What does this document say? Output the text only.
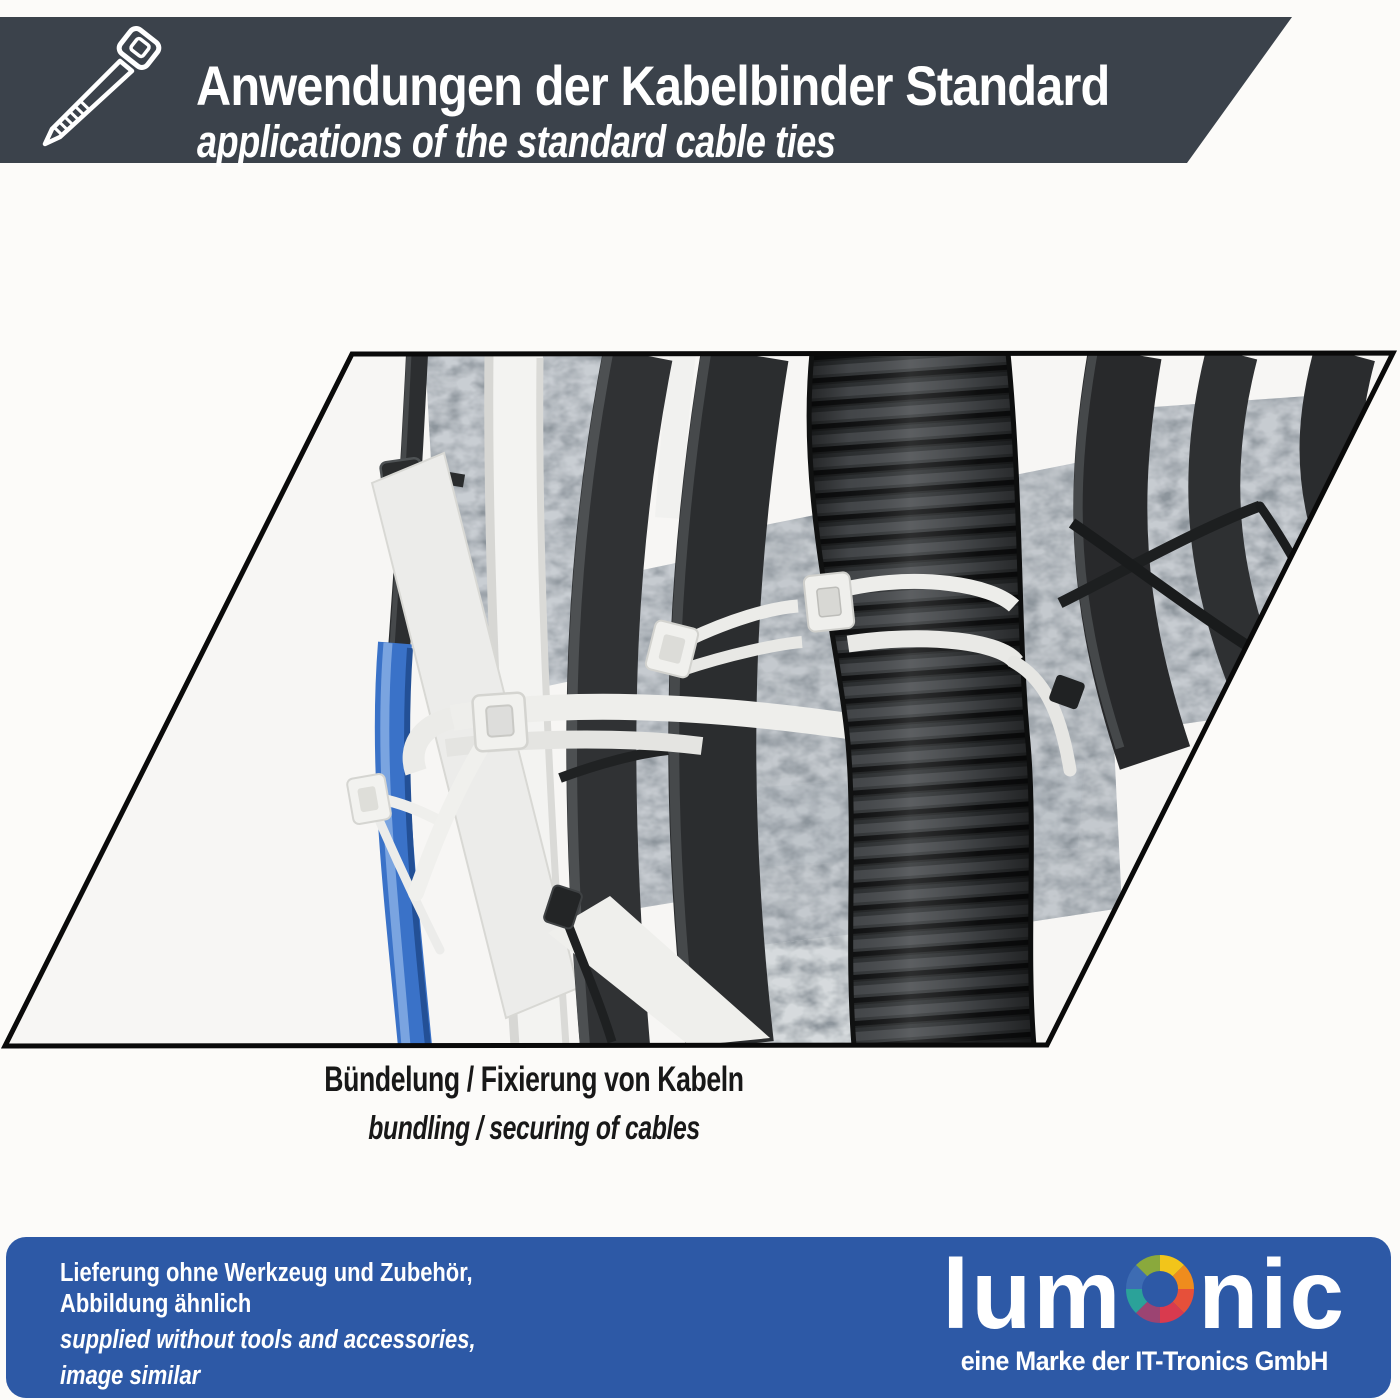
Anwendungen der Kabelbinder Standard
applications of the standard cable ties
Bündelung / Fixierung von Kabeln
bundling / securing of cables
Lieferung ohne Werkzeug und Zubehör,
Abbildung ähnlich
supplied without tools and accessories,
image similar
lum nic
eine Marke der IT-Tronics GmbH
